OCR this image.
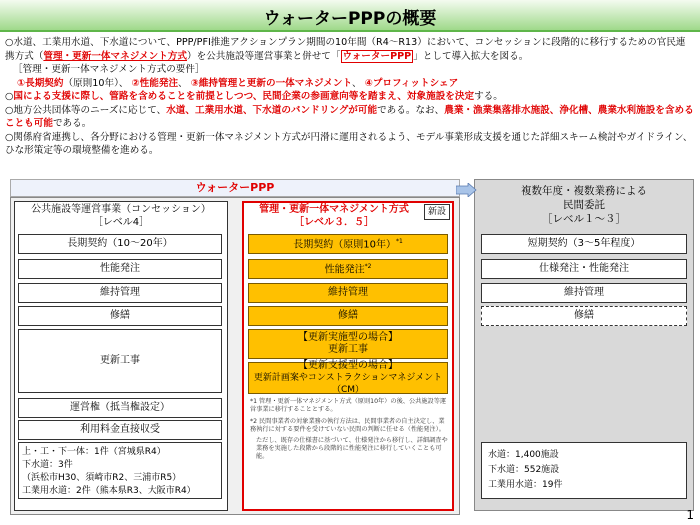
ウォーターPPPの概要

○水道、工業用水道、下水道について、PPP/PFI推進アクションプラン期間の10年間（R4～R13）において、コンセッションに段階的に移行するための官民連携方式（管理・更新一体マネジメント方式）を公共施設等運営事業と併せて「 ウォーターPPP 」として導入拡大を図る。

［管理・更新一体マネジメント方式の要件］

①長期契約（原則10年）、 ②性能発注、 ③維持管理と更新の一体マネジメント、 ④プロフィットシェア

○国による支援に際し、管路を含めることを前提としつつ、民間企業の参画意向等を踏まえ、対象施設を決定する。

○地方公共団体等のニーズに応じて、水道、工業用水道、下水道のバンドリングが可能である。なお、農業・漁業集落排水施設、浄化槽、農業水利施設を含めることも可能である。

○関係府省連携し、各分野における管理・更新一体マネジメント方式が円滑に運用されるよう、モデル事業形成支援を通じた詳細スキーム検討やガイドライン、ひな形策定等の環境整備を進める。

ウォーターPPP
公共施設等運営事業（コンセッション）
［レベル4］
長期契約（10～20年）
性能発注
維持管理
修繕
更新工事
運営権（抵当権設定）
利用料金直接収受
上・工・下一体：1件（宮城県R4）
下水道：3件
（浜松市H30、須崎市R2、三浦市R5）
工業用水道：2件（熊本県R3、大阪市R4）
管理・更新一体マネジメント方式
［レベル３．５］
新設
長期契約（原則10年）$^{*1}$
性能発注$^{*2}$
維持管理
修繕
【更新実施型の場合】
更新工事
【更新支援型の場合】
更新計画案やコンストラクションマネジメント（CM）
*1 管理・更新一体マネジメント方式（原則10年）の後、公共施設等運営事業に移行することとする。
*2 民間事業者の対象業務の執行方法は、民間事業者の自主決定し、業務執行に対する要件を受けていない民間の判断に任せる（性能発注）。
ただし、既存の仕様書に基づいて、仕様発注から移行し、詳細調査や業務を実施した段階から段階的に性能発注に移行していくことも可能。
複数年度・複数業務による
民間委託
［レベル１～３］
短期契約（3～5年程度）
仕様発注・性能発注
維持管理
修繕
水道：1,400施設
下水道：552施設
工業用水道：19件
1
